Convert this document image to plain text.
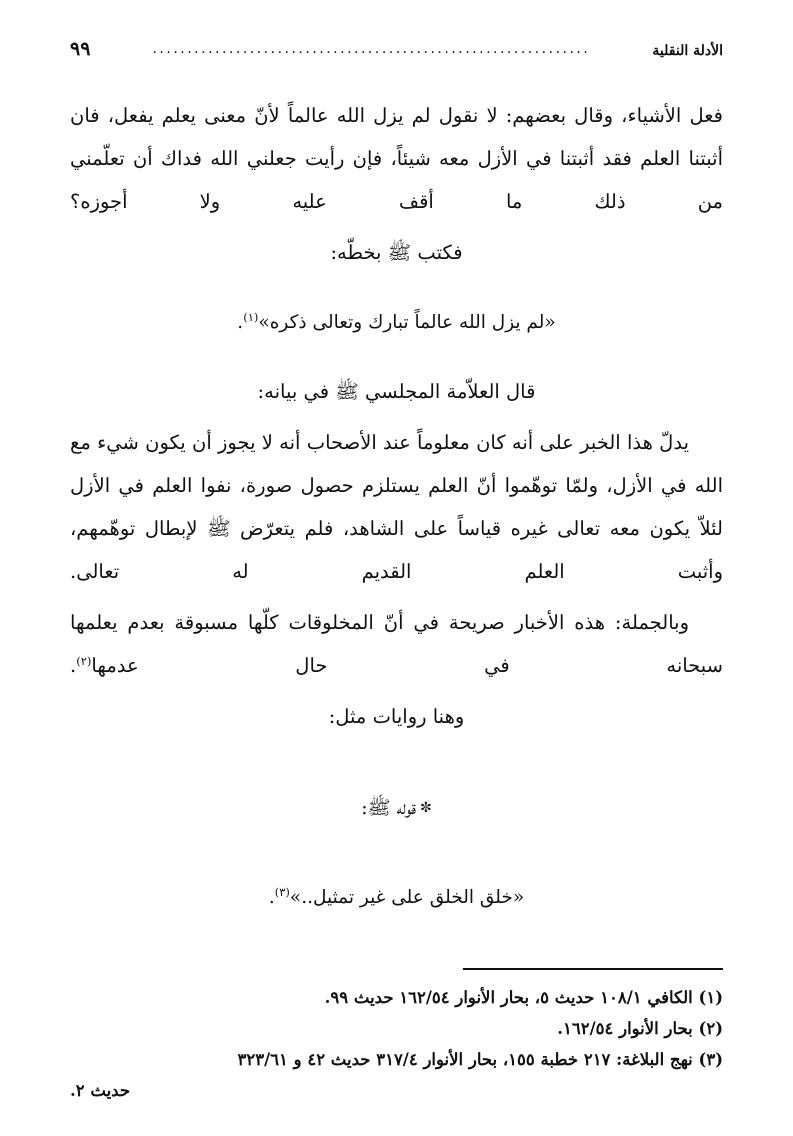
الأدلة النقلية
...............................................................
٩٩

فعل الأشياء، وقال بعضهم: لا نقول لم يزل الله عالماً لأنّ معنى يعلم يفعل، فان أثبتنا العلم فقد أثبتنا في الأزل معه شيئاً، فإن رأيت جعلني الله فداك أن تعلّمني من ذلك ما أقف عليه ولا أجوزه؟

فكتب ﷺ بخطّه:

«لم يزل الله عالماً تبارك وتعالى ذكره»$^{(١)}$.

قال العلاّمة المجلسي ﷺ في بيانه:

يدلّ هذا الخبر على أنه كان معلوماً عند الأصحاب أنه لا يجوز أن يكون شيء مع الله في الأزل، ولمّا توهّموا أنّ العلم يستلزم حصول صورة، نفوا العلم في الأزل لئلاّ يكون معه تعالى غيره قياساً على الشاهد، فلم يتعرّض ﷺ لإبطال توهّمهم، وأثبت العلم القديم له تعالى.

وبالجملة: هذه الأخبار صريحة في أنّ المخلوقات كلّها مسبوقة بعدم يعلمها سبحانه في حال عدمها$^{(٢)}$.

وهنا روايات مثل:

✼قوله ﷺ:

«خلق الخلق على غير تمثيل..»$^{(٣)}$.

(١) الكافي ١٠٨/١ حديث ٥، بحار الأنوار ١٦٢/٥٤ حديث ٩٩.
(٢) بحار الأنوار ١٦٢/٥٤.
(٣) نهج البلاغة: ٢١٧ خطبة ١٥٥، بحار الأنوار ٣١٧/٤ حديث ٤٢ و ٣٢٣/٦١
حديث ٢.
